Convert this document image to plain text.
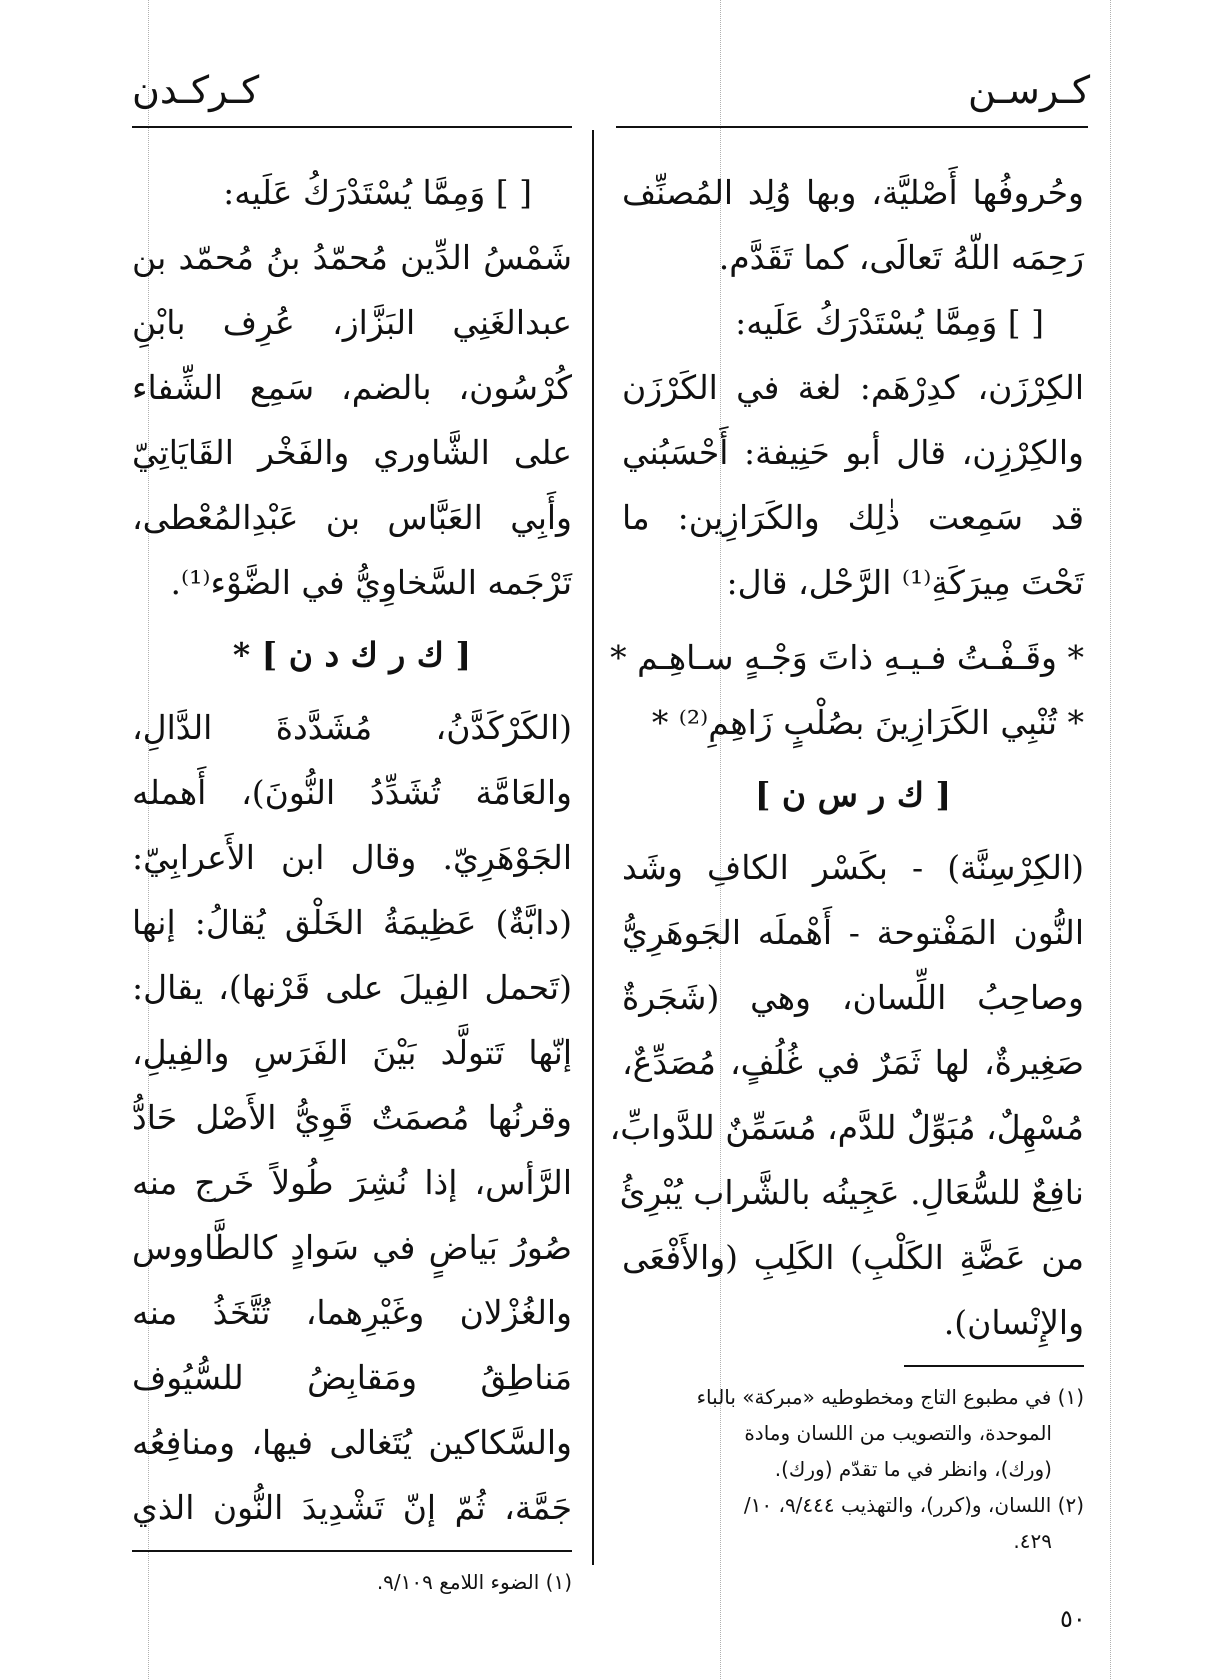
كـرسـن
كـركـدن
وحُروفُها أَصْليَّة، وبها وُلِد المُصنِّف
رَحِمَه اللّهُ تَعالَى، كما تَقَدَّم.
[ ] وَمِمَّا يُسْتَدْرَكُ عَلَيه:
الكِرْزَن، كدِرْهَم: لغة في الكَرْزَن
والكِرْزِن، قال أبو حَنِيفة: أَحْسَبُني
قد سَمِعت ذٰلِك والكَرَازِين: ما
تَحْتَ مِيرَكَةِ⁽¹⁾ الرَّحْل، قال:
* وقَـفْـتُ فـيـهِ ذاتَ وَجْـهٍ سـاهِـم *
* تُنْبِي الكَرَازِينَ بصُلْبٍ زَاهِمِ⁽²⁾ *
[ ك ر س ن ]
(الكِرْسِنَّة) - بكَسْر الكافِ وشَد
النُّون المَفْتوحة - أَهْملَه الجَوهَرِيُّ
وصاحِبُ اللِّسان، وهي (شَجَرةٌ
صَغِيرةٌ، لها ثَمَرٌ في غُلُفٍ، مُصَدِّعٌ،
مُسْهِلٌ، مُبَوِّلٌ للدَّم، مُسَمِّنٌ للدَّوابِّ،
نافِعٌ للسُّعَالِ. عَجِينُه بالشَّراب يُبْرِئُ
من عَضَّةِ الكَلْبِ) الكَلِبِ (والأَفْعَى
والإِنْسان).
(١) في مطبوع التاج ومخطوطيه «مبركة» بالباء
الموحدة، والتصويب من اللسان ومادة
(ورك)، وانظر في ما تقدّم (ورك).
(٢) اللسان، و(كرر)، والتهذيب ٩/٤٤٤، ١٠/
٤٢٩.
[ ] وَمِمَّا يُسْتَدْرَكُ عَلَيه:
شَمْسُ الدِّين مُحمّدُ بنُ مُحمّد بن
عبدالغَنِي البَزَّاز، عُرِف بابْنِ
كُرْسُون، بالضم، سَمِع الشِّفاء
على الشَّاوري والفَخْر القَايَاتِيّ
وأَبِي العَبَّاس بن عَبْدِالمُعْطى،
تَرْجَمه السَّخاوِيُّ في الضَّوْء⁽¹⁾.
[ ك ر ك د ن ] *
(الكَرْكَدَّنُ، مُشَدَّدةَ الدَّالِ،
والعَامَّة تُشَدِّدُ النُّونَ)، أَهمله
الجَوْهَرِيّ. وقال ابن الأَعرابِيّ:
(دابَّةٌ) عَظِيمَةُ الخَلْق يُقالُ: إنها
(تَحمل الفِيلَ على قَرْنها)، يقال:
إنّها تَتولَّد بَيْنَ الفَرَسِ والفِيلِ،
وقرنُها مُصمَتٌ قَوِيُّ الأَصْل حَادُّ
الرَّأس، إذا نُشِرَ طُولاً خَرج منه
صُورُ بَياضٍ في سَوادٍ كالطَّاووس
والغُزْلان وغَيْرِهما، تُتَّخَذُ منه
مَناطِقُ ومَقابِضُ للسُّيُوف
والسَّكاكين يُتَغالى فيها، ومنافِعُه
جَمَّة، ثُمّ إنّ تَشْدِيدَ النُّون الذي
(١) الضوء اللامع ٩/١٠٩.
٥٠
